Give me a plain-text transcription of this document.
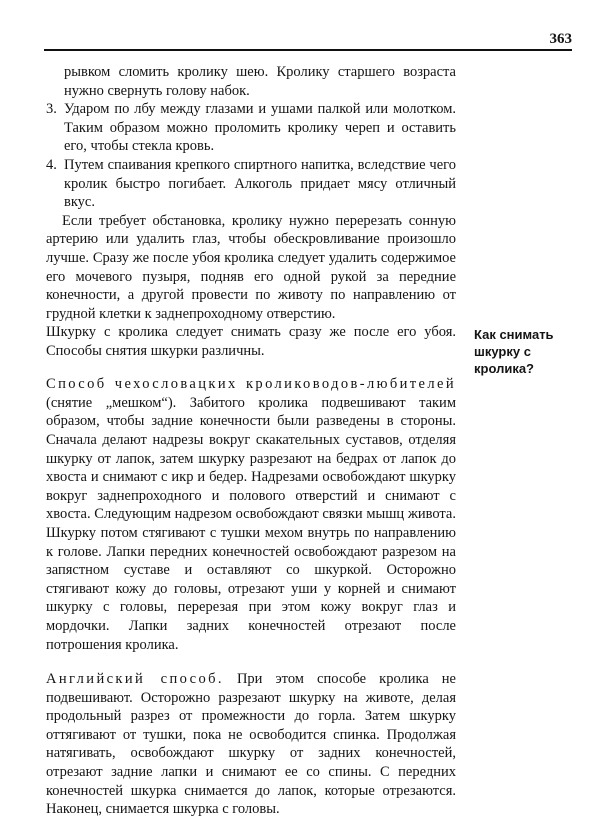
363
рывком сломить кролику шею. Кролику старшего возраста нужно свернуть голову набок.
3. Ударом по лбу между глазами и ушами палкой или молотком. Таким образом можно проломить кролику череп и оставить его, чтобы стекла кровь.
4. Путем спаивания крепкого спиртного напитка, вследствие чего кролик быстро погибает. Алкоголь придает мясу отличный вкус.

Если требует обстановка, кролику нужно перерезать сонную артерию или удалить глаз, чтобы обескровливание произошло лучше. Сразу же после убоя кролика следует удалить содержимое его мочевого пузыря, подняв его одной рукой за передние конечности, а другой провести по животу по направлению от грудной клетки к заднепроходному отверстию.

Как снимать шкурку с кролика?

Шкурку с кролика следует снимать сразу же после его убоя. Способы снятия шкурки различны.

Способ чехословацких кролиководов-любителей (снятие „мешком“). Забитого кролика подвешивают таким образом, чтобы задние конечности были разведены в стороны. Сначала делают надрезы вокруг скакательных суставов, отделяя шкурку от лапок, затем шкурку разрезают на бедрах от лапок до хвоста и снимают с икр и бедер. Надрезами освобождают шкурку вокруг заднепроходного и полового отверстий и снимают с хвоста. Следующим надрезом освобождают связки мышц живота. Шкурку потом стягивают с тушки мехом внутрь по направлению к голове. Лапки передних конечностей освобождают разрезом на запястном суставе и оставляют со шкуркой. Осторожно стягивают кожу до головы, отрезают уши у корней и снимают шкурку с головы, перерезая при этом кожу вокруг глаз и мордочки. Лапки задних конечностей отрезают после потрошения кролика.

Английский способ. При этом способе кролика не подвешивают. Осторожно разрезают шкурку на животе, делая продольный разрез от промежности до горла. Затем шкурку оттягивают от тушки, пока не освободится спинка. Продолжая натягивать, освобождают шкурку от задних конечностей, отрезают задние лапки и снимают ее со спины. С передних конечностей шкурка снимается до лапок, которые отрезаются. Наконец, снимается шкурка с головы.
